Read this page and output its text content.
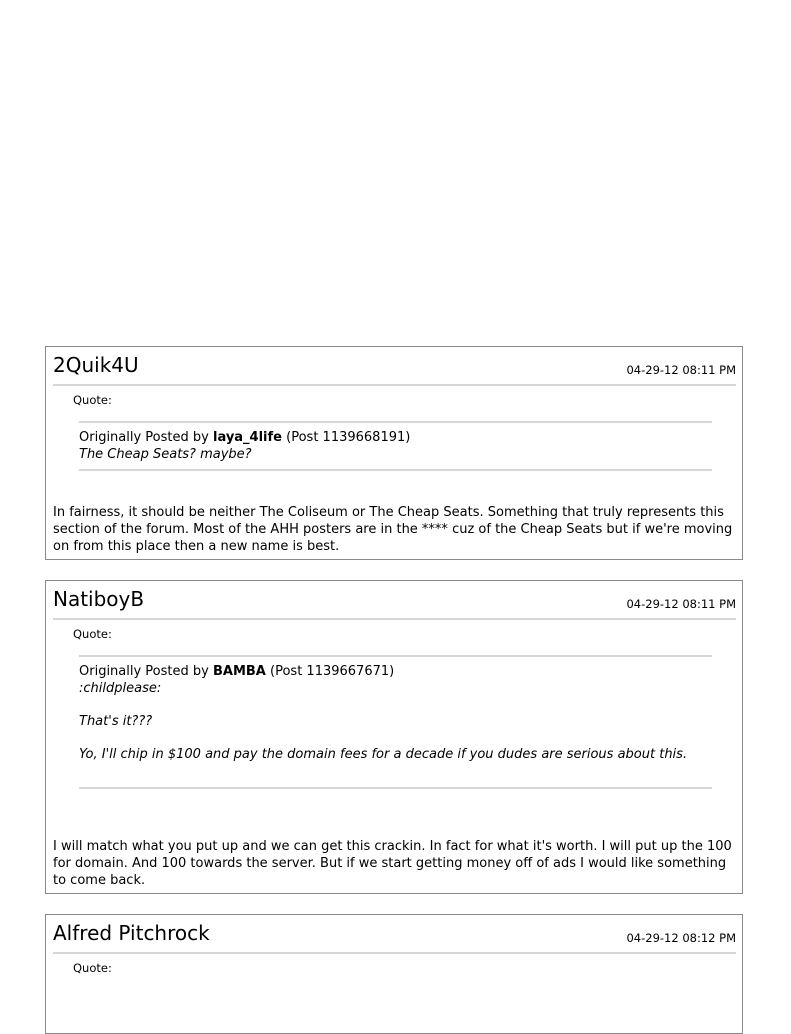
2Quik4U	04-29-12 08:11 PM
Quote:
Originally Posted by laya_4life (Post 1139668191)
The Cheap Seats? maybe?
In fairness, it should be neither The Coliseum or The Cheap Seats. Something that truly represents this section of the forum. Most of the AHH posters are in the **** cuz of the Cheap Seats but if we're moving on from this place then a new name is best.
NatiboyB	04-29-12 08:11 PM
Quote:
Originally Posted by BAMBA (Post 1139667671)
:childplease:
That's it???
Yo, I'll chip in $100 and pay the domain fees for a decade if you dudes are serious about this.
I will match what you put up and we can get this crackin. In fact for what it's worth. I will put up the 100 for domain. And 100 towards the server. But if we start getting money off of ads I would like something to come back.
Alfred Pitchrock	04-29-12 08:12 PM
Quote:
